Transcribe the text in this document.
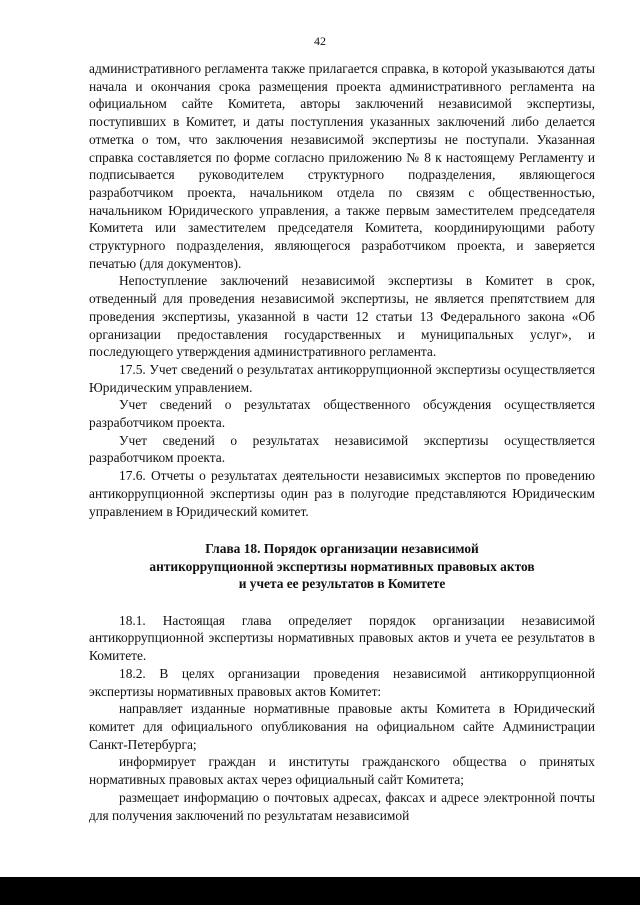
42

административного регламента также прилагается справка, в которой указываются даты начала и окончания срока размещения проекта административного регламента на официальном сайте Комитета, авторы заключений независимой экспертизы, поступивших в Комитет, и даты поступления указанных заключений либо делается отметка о том, что заключения независимой экспертизы не поступали. Указанная справка составляется по форме согласно приложению № 8 к настоящему Регламенту и подписывается руководителем структурного подразделения, являющегося разработчиком проекта, начальником отдела по связям с общественностью, начальником Юридического управления, а также первым заместителем председателя Комитета или заместителем председателя Комитета, координирующими работу структурного подразделения, являющегося разработчиком проекта, и заверяется печатью (для документов).

Непоступление заключений независимой экспертизы в Комитет в срок, отведенный для проведения независимой экспертизы, не является препятствием для проведения экспертизы, указанной в части 12 статьи 13 Федерального закона «Об организации предоставления государственных и муниципальных услуг», и последующего утверждения административного регламента.

17.5. Учет сведений о результатах антикоррупционной экспертизы осуществляется Юридическим управлением.

Учет сведений о результатах общественного обсуждения осуществляется разработчиком проекта.

Учет сведений о результатах независимой экспертизы осуществляется разработчиком проекта.

17.6. Отчеты о результатах деятельности независимых экспертов по проведению антикоррупционной экспертизы один раз в полугодие представляются Юридическим управлением в Юридический комитет.

Глава 18. Порядок организации независимой
антикоррупционной экспертизы нормативных правовых актов
и учета ее результатов в Комитете

18.1. Настоящая глава определяет порядок организации независимой антикоррупционной экспертизы нормативных правовых актов и учета ее результатов в Комитете.

18.2. В целях организации проведения независимой антикоррупционной экспертизы нормативных правовых актов Комитет:

направляет изданные нормативные правовые акты Комитета в Юридический комитет для официального опубликования на официальном сайте Администрации Санкт-Петербурга;

информирует граждан и институты гражданского общества о принятых нормативных правовых актах через официальный сайт Комитета;

размещает информацию о почтовых адресах, факсах и адресе электронной почты для получения заключений по результатам независимой
